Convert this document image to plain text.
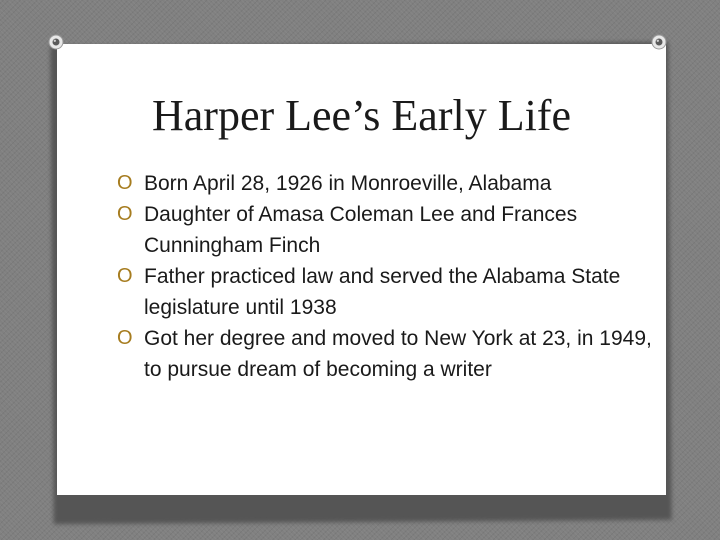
Harper Lee’s Early Life
O Born April 28, 1926 in Monroeville, Alabama
O Daughter of Amasa Coleman Lee and Frances Cunningham Finch
O Father practiced law and served the Alabama State legislature until 1938
O Got her degree and moved to New York at 23, in 1949, to pursue dream of becoming a writer
